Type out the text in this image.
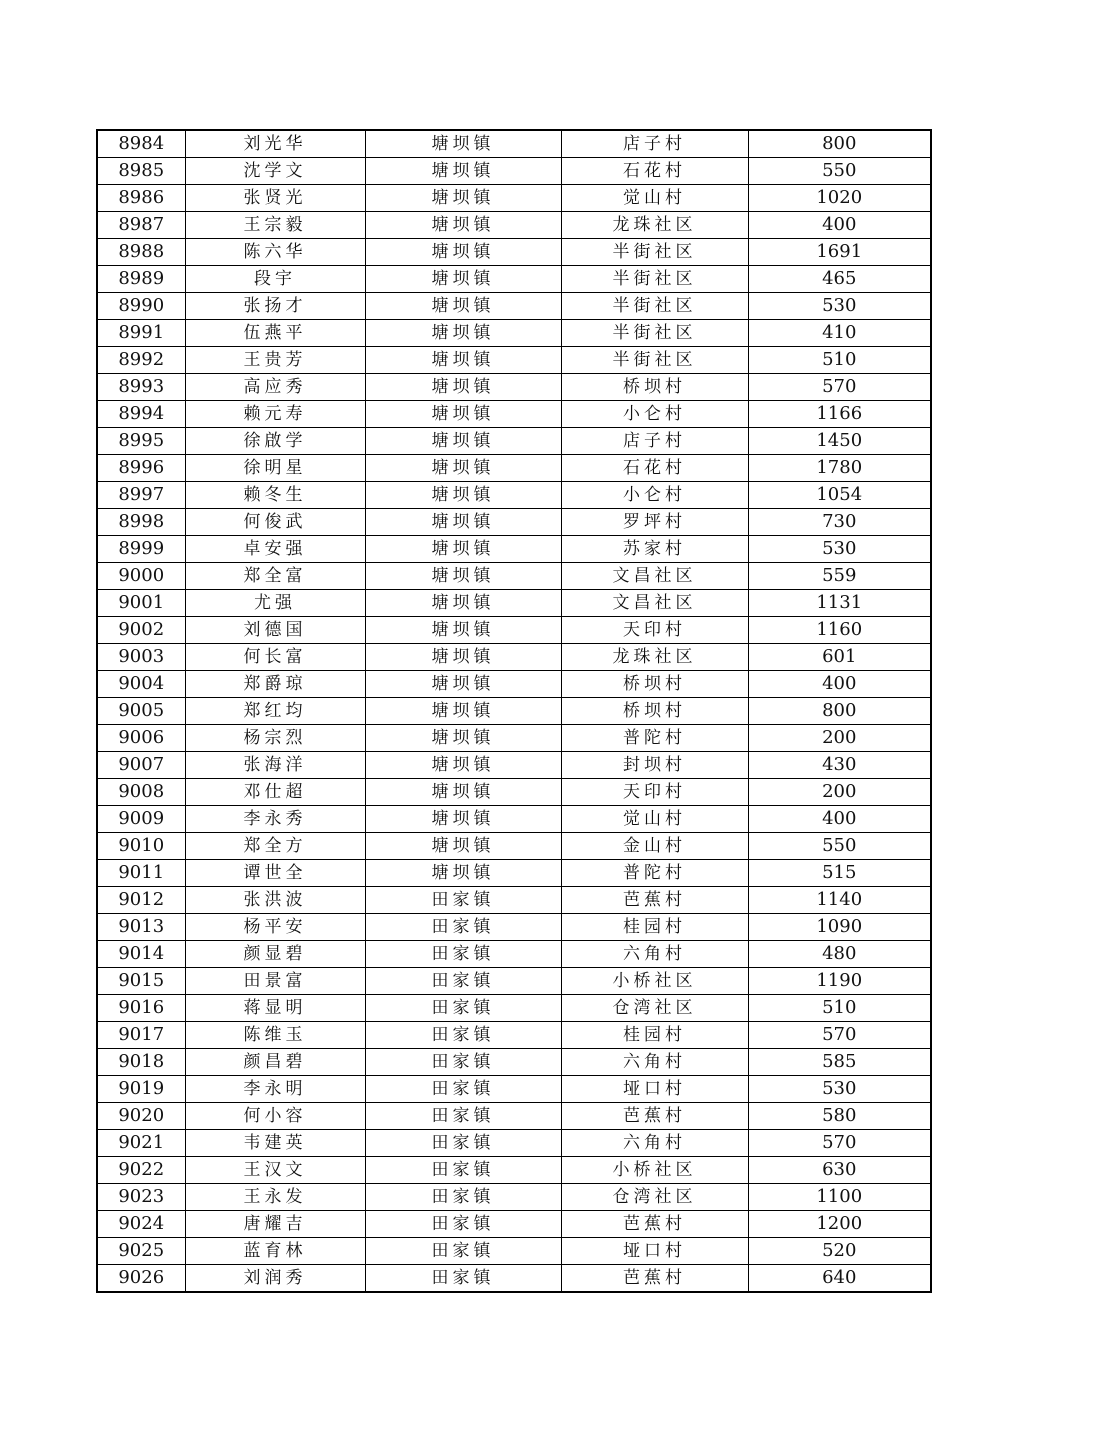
8984	刘光华	塘坝镇	店子村	800
8985	沈学文	塘坝镇	石花村	550
8986	张贤光	塘坝镇	觉山村	1020
8987	王宗毅	塘坝镇	龙珠社区	400
8988	陈六华	塘坝镇	半街社区	1691
8989	段宇	塘坝镇	半街社区	465
8990	张扬才	塘坝镇	半街社区	530
8991	伍燕平	塘坝镇	半街社区	410
8992	王贵芳	塘坝镇	半街社区	510
8993	高应秀	塘坝镇	桥坝村	570
8994	赖元寿	塘坝镇	小仑村	1166
8995	徐啟学	塘坝镇	店子村	1450
8996	徐明星	塘坝镇	石花村	1780
8997	赖冬生	塘坝镇	小仑村	1054
8998	何俊武	塘坝镇	罗坪村	730
8999	卓安强	塘坝镇	苏家村	530
9000	郑全富	塘坝镇	文昌社区	559
9001	尤强	塘坝镇	文昌社区	1131
9002	刘德国	塘坝镇	天印村	1160
9003	何长富	塘坝镇	龙珠社区	601
9004	郑爵琼	塘坝镇	桥坝村	400
9005	郑红均	塘坝镇	桥坝村	800
9006	杨宗烈	塘坝镇	普陀村	200
9007	张海洋	塘坝镇	封坝村	430
9008	邓仕超	塘坝镇	天印村	200
9009	李永秀	塘坝镇	觉山村	400
9010	郑全方	塘坝镇	金山村	550
9011	谭世全	塘坝镇	普陀村	515
9012	张洪波	田家镇	芭蕉村	1140
9013	杨平安	田家镇	桂园村	1090
9014	颜显碧	田家镇	六角村	480
9015	田景富	田家镇	小桥社区	1190
9016	蒋显明	田家镇	仓湾社区	510
9017	陈维玉	田家镇	桂园村	570
9018	颜昌碧	田家镇	六角村	585
9019	李永明	田家镇	垭口村	530
9020	何小容	田家镇	芭蕉村	580
9021	韦建英	田家镇	六角村	570
9022	王汉文	田家镇	小桥社区	630
9023	王永发	田家镇	仓湾社区	1100
9024	唐耀吉	田家镇	芭蕉村	1200
9025	蓝育林	田家镇	垭口村	520
9026	刘润秀	田家镇	芭蕉村	640
